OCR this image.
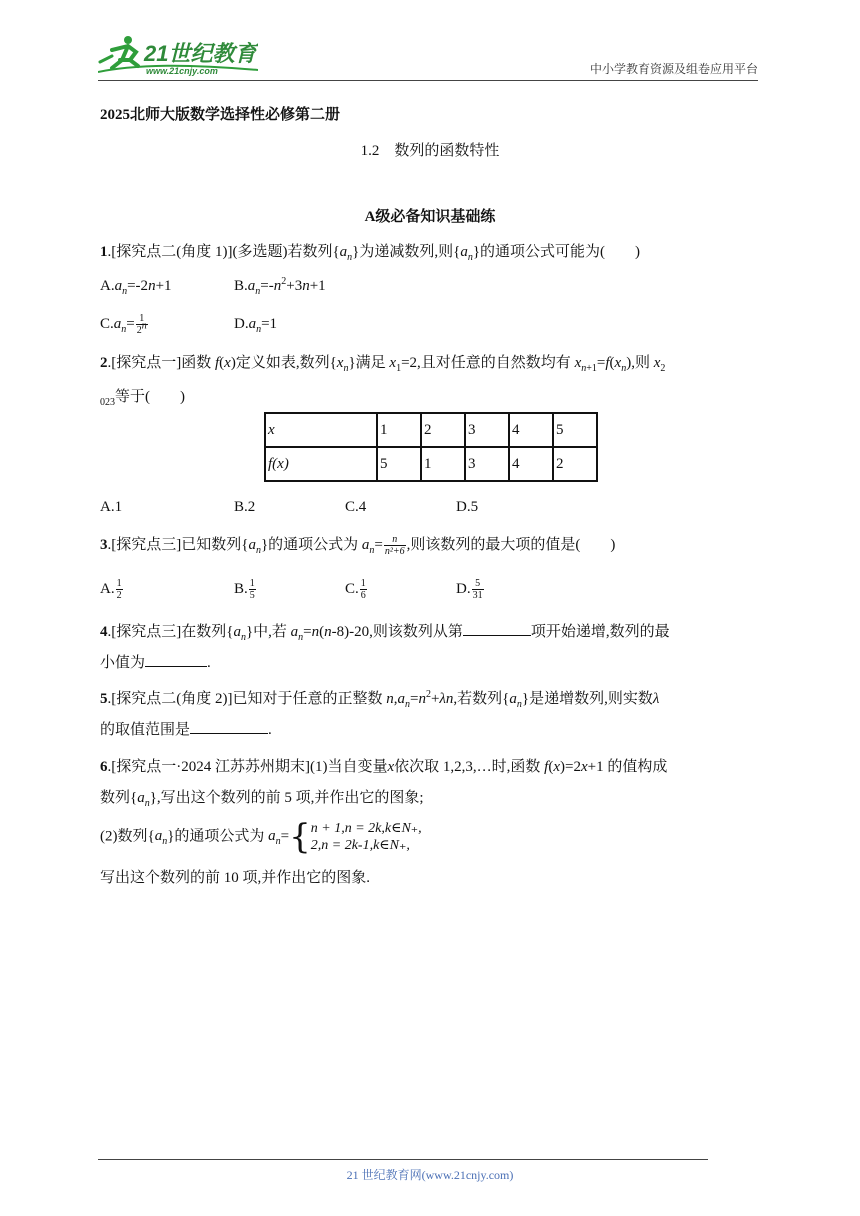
21世纪教育
www.21cnjy.com	中小学教育资源及组卷应用平台
2025北师大版数学选择性必修第二册
1.2　数列的函数特性
A级必备知识基础练
1.[探究点二(角度 1)](多选题)若数列$\{a_n\}$为递减数列,则$\{a_n\}$的通项公式可能为(　　)
$A.a_n=-2n+1$	$B.a_n=-n^2+3n+1$
$C.a_n= \frac{1}{2^n}$	$D.a_n=1$
2.[探究点一]函数 f(x)定义如表,数列$\{x_n\}$满足 $x_1=2$,且对任意的自然数均有 $x_{n+1}=f(x_n)$,则 $x_2$
$_{023}$等于(　　)
x	1	2	3	4	5
f(x)	5	1	3	4	2
A.1	B.2	C.4	D.5
3.[探究点三]已知数列$\{a_n\}$的通项公式为 $a_n= \frac{n}{\text{n²+6}}$ ,则该数列的最大项的值是(　　)
A. $\frac{1}{2}$	B. $\frac{1}{5}$	C. $\frac{1}{6}$	D. $\frac{5}{31}$
4.[探究点三]在数列$\{a_n\}$中,若 $a_n=n(n-8)-20$,则该数列从第	项开始递增,数列的最
小值为	.
5.[探究点二(角度 2)]已知对于任意的正整数 $n,a_n=n^2+\lambda n$,若数列$\{a_n\}$是递增数列,则实数λ
的取值范围是	.
6.[探究点一·2024 江苏苏州期末](1)当自变量x依次取 1,2,3,…时,函数 f(x)=2x+1 的值构成
数列$\{a_n\}$,写出这个数列的前 5 项,并作出它的图象;
(2)数列$\{a_n\}$的通项公式为 $a_n=${ n + 1,n = 2k,k∈N₊,
2,n = 2k-1,k∈N₊,
写出这个数列的前 10 项,并作出它的图象.
21 世纪教育网(www.21cnjy.com)
